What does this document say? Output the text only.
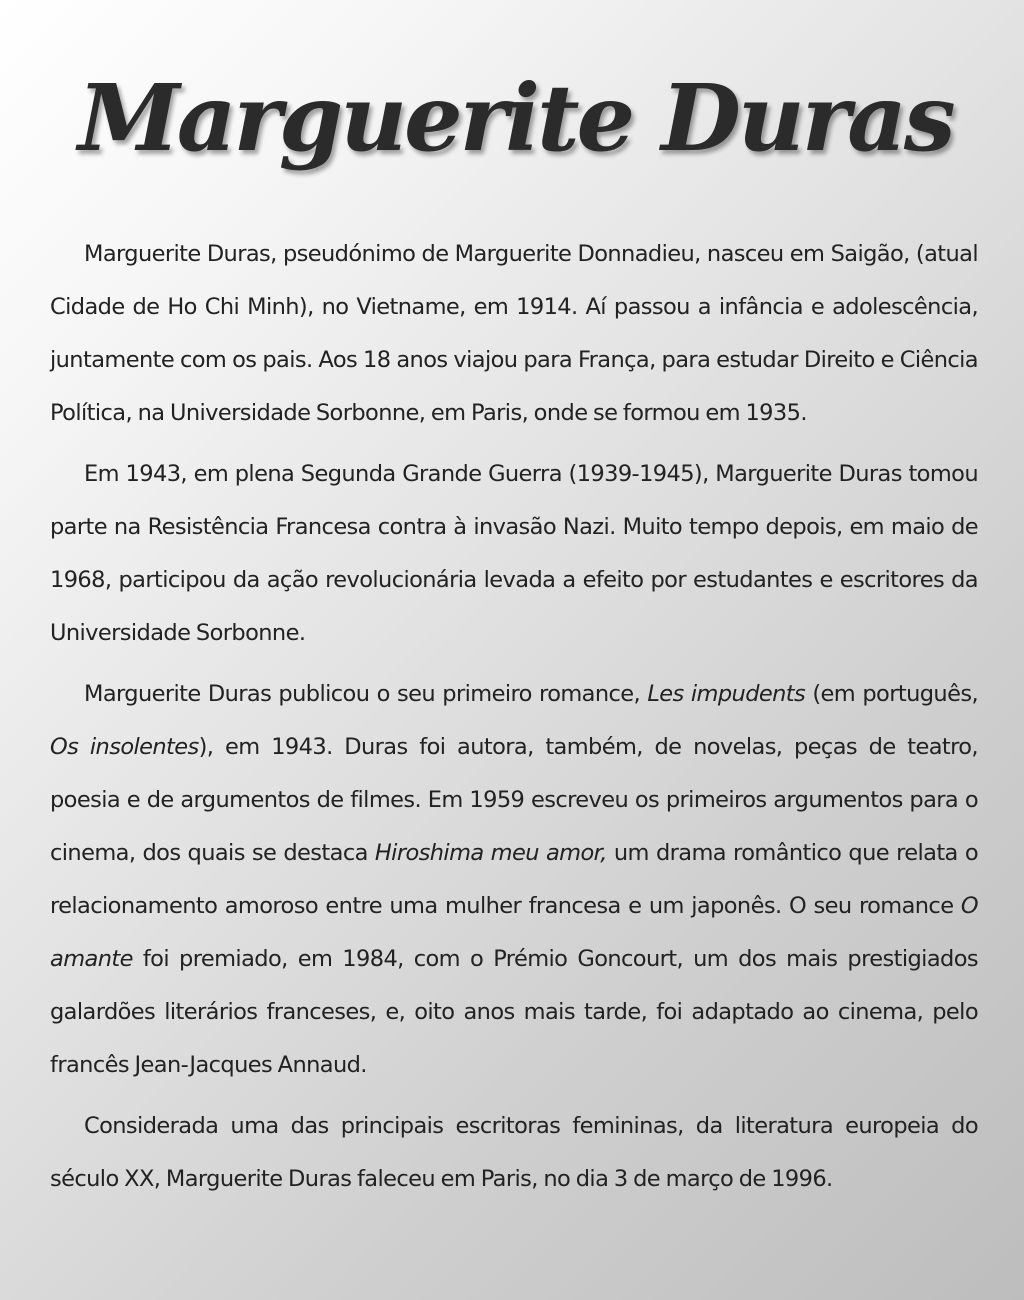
Marguerite Duras

Marguerite Duras, pseudónimo de Marguerite Donnadieu, nasceu em Saigão, (atual Cidade de Ho Chi Minh), no Vietname, em 1914. Aí passou a infância e adolescência, juntamente com os pais. Aos 18 anos viajou para França, para estudar Direito e Ciência Política, na Universidade Sorbonne, em Paris, onde se formou em 1935.

Em 1943, em plena Segunda Grande Guerra (1939-1945), Marguerite Duras tomou parte na Resistência Francesa contra à invasão Nazi. Muito tempo depois, em maio de 1968, participou da ação revolucionária levada a efeito por estudantes e escritores da Universidade Sorbonne.

Marguerite Duras publicou o seu primeiro romance, Les impudents (em português, Os insolentes), em 1943. Duras foi autora, também, de novelas, peças de teatro, poesia e de argumentos de filmes. Em 1959 escreveu os primeiros argumentos para o cinema, dos quais se destaca Hiroshima meu amor, um drama romântico que relata o relacionamento amoroso entre uma mulher francesa e um japonês. O seu romance O amante foi premiado, em 1984, com o Prémio Goncourt, um dos mais prestigiados galardões literários franceses, e, oito anos mais tarde, foi adaptado ao cinema, pelo francês Jean-Jacques Annaud.

Considerada uma das principais escritoras femininas, da literatura europeia do século XX, Marguerite Duras faleceu em Paris, no dia 3 de março de 1996.
